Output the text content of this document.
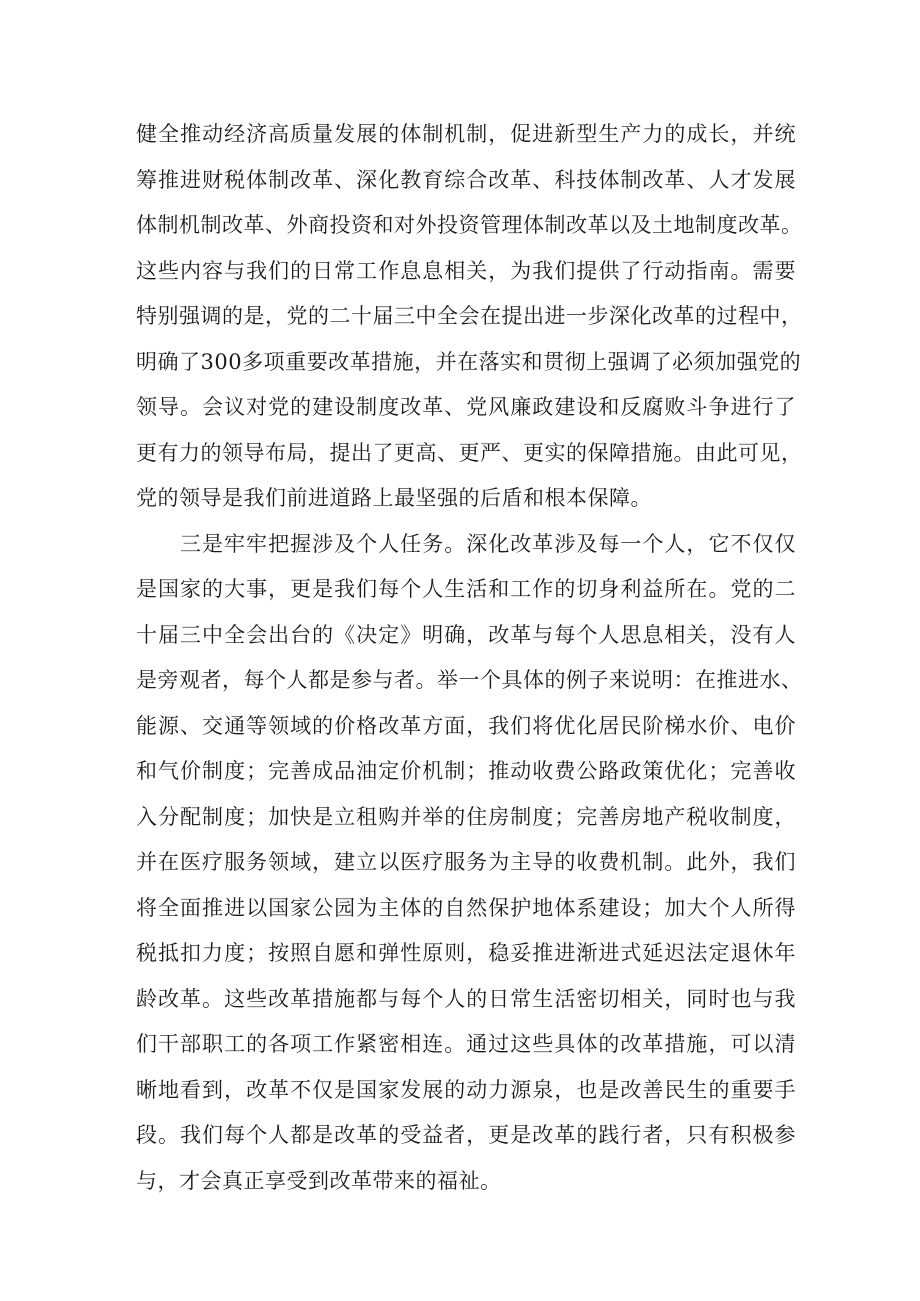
健全推动经济高质量发展的体制机制，促进新型生产力的成长，并统
筹推进财税体制改革、深化教育综合改革、科技体制改革、人才发展
体制机制改革、外商投资和对外投资管理体制改革以及土地制度改革。
这些内容与我们的日常工作息息相关，为我们提供了行动指南。需要
特别强调的是，党的二十届三中全会在提出进一步深化改革的过程中，
明确了300多项重要改革措施，并在落实和贯彻上强调了必须加强党的
领导。会议对党的建设制度改革、党风廉政建设和反腐败斗争进行了
更有力的领导布局，提出了更高、更严、更实的保障措施。由此可见，
党的领导是我们前进道路上最坚强的后盾和根本保障。
三是牢牢把握涉及个人任务。深化改革涉及每一个人，它不仅仅
是国家的大事，更是我们每个人生活和工作的切身利益所在。党的二
十届三中全会出台的《决定》明确，改革与每个人思息相关，没有人
是旁观者，每个人都是参与者。举一个具体的例子来说明：在推进水、
能源、交通等领域的价格改革方面，我们将优化居民阶梯水价、电价
和气价制度；完善成品油定价机制；推动收费公路政策优化；完善收
入分配制度；加快是立租购并举的住房制度；完善房地产税收制度，
并在医疗服务领域，建立以医疗服务为主导的收费机制。此外，我们
将全面推进以国家公园为主体的自然保护地体系建设；加大个人所得
税抵扣力度；按照自愿和弹性原则，稳妥推进渐进式延迟法定退休年
龄改革。这些改革措施都与每个人的日常生活密切相关，同时也与我
们干部职工的各项工作紧密相连。通过这些具体的改革措施，可以清
晰地看到，改革不仅是国家发展的动力源泉，也是改善民生的重要手
段。我们每个人都是改革的受益者，更是改革的践行者，只有积极参
与，才会真正享受到改革带来的福祉。
